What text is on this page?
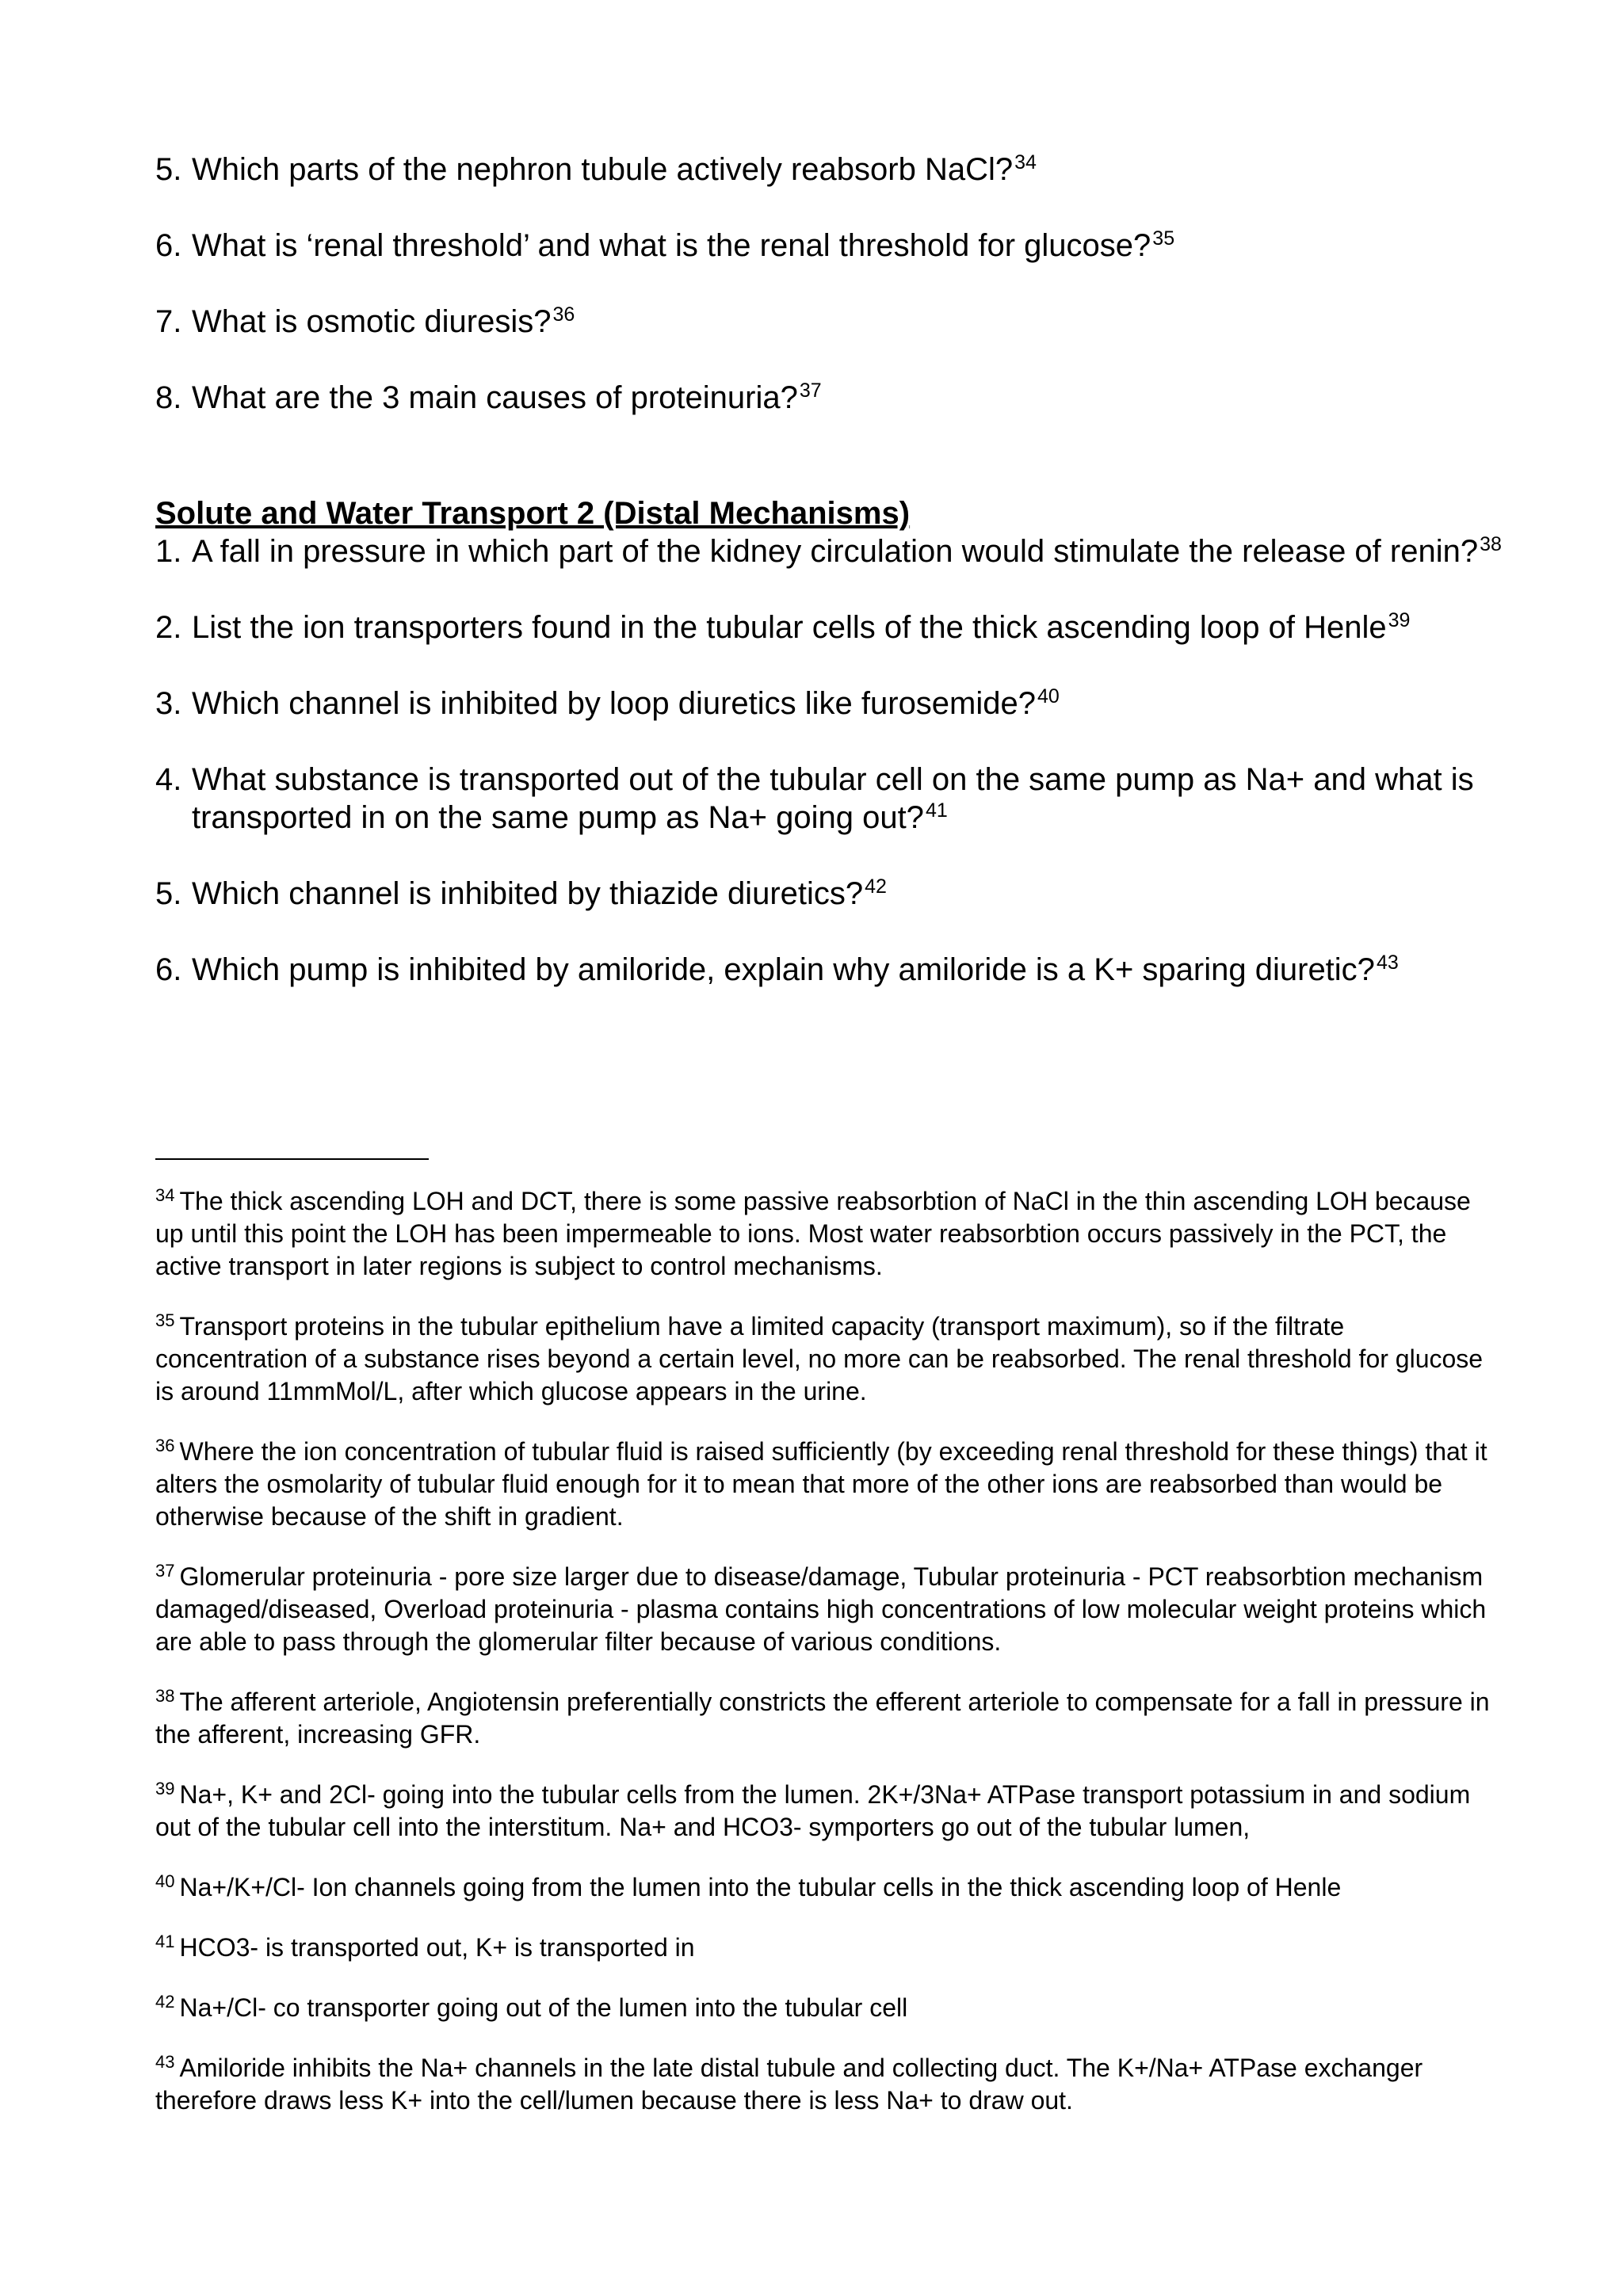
5. Which parts of the nephron tubule actively reabsorb NaCl?$^{34}$
6. What is ‘renal threshold’ and what is the renal threshold for glucose?$^{35}$
7. What is osmotic diuresis?$^{36}$
8. What are the 3 main causes of proteinuria?$^{37}$
Solute and Water Transport 2 (Distal Mechanisms)
1. A fall in pressure in which part of the kidney circulation would stimulate the release of renin?$^{38}$
2. List the ion transporters found in the tubular cells of the thick ascending loop of Henle$^{39}$
3. Which channel is inhibited by loop diuretics like furosemide?$^{40}$
4. What substance is transported out of the tubular cell on the same pump as Na+ and what is transported in on the same pump as Na+ going out?$^{41}$
5. Which channel is inhibited by thiazide diuretics?$^{42}$
6. Which pump is inhibited by amiloride, explain why amiloride is a K+ sparing diuretic?$^{43}$

$^{34}$ The thick ascending LOH and DCT, there is some passive reabsorbtion of NaCl in the thin ascending LOH because up until this point the LOH has been impermeable to ions. Most water reabsorbtion occurs passively in the PCT, the active transport in later regions is subject to control mechanisms.

$^{35}$ Transport proteins in the tubular epithelium have a limited capacity (transport maximum), so if the filtrate concentration of a substance rises beyond a certain level, no more can be reabsorbed. The renal threshold for glucose is around 11mmMol/L, after which glucose appears in the urine.

$^{36}$ Where the ion concentration of tubular fluid is raised sufficiently (by exceeding renal threshold for these things) that it alters the osmolarity of tubular fluid enough for it to mean that more of the other ions are reabsorbed than would be otherwise because of the shift in gradient.

$^{37}$ Glomerular proteinuria - pore size larger due to disease/damage, Tubular proteinuria - PCT reabsorbtion mechanism damaged/diseased, Overload proteinuria - plasma contains high concentrations of low molecular weight proteins which are able to pass through the glomerular filter because of various conditions.

$^{38}$ The afferent arteriole, Angiotensin preferentially constricts the efferent arteriole to compensate for a fall in pressure in the afferent, increasing GFR.

$^{39}$ Na+, K+ and 2Cl- going into the tubular cells from the lumen. 2K+/3Na+ ATPase transport potassium in and sodium out of the tubular cell into the interstitum. Na+ and HCO3- symporters go out of the tubular lumen,

$^{40}$ Na+/K+/Cl- Ion channels going from the lumen into the tubular cells in the thick ascending loop of Henle

$^{41}$ HCO3- is transported out, K+ is transported in

$^{42}$ Na+/Cl- co transporter going out of the lumen into the tubular cell

$^{43}$ Amiloride inhibits the Na+ channels in the late distal tubule and collecting duct. The K+/Na+ ATPase exchanger therefore draws less K+ into the cell/lumen because there is less Na+ to draw out.
